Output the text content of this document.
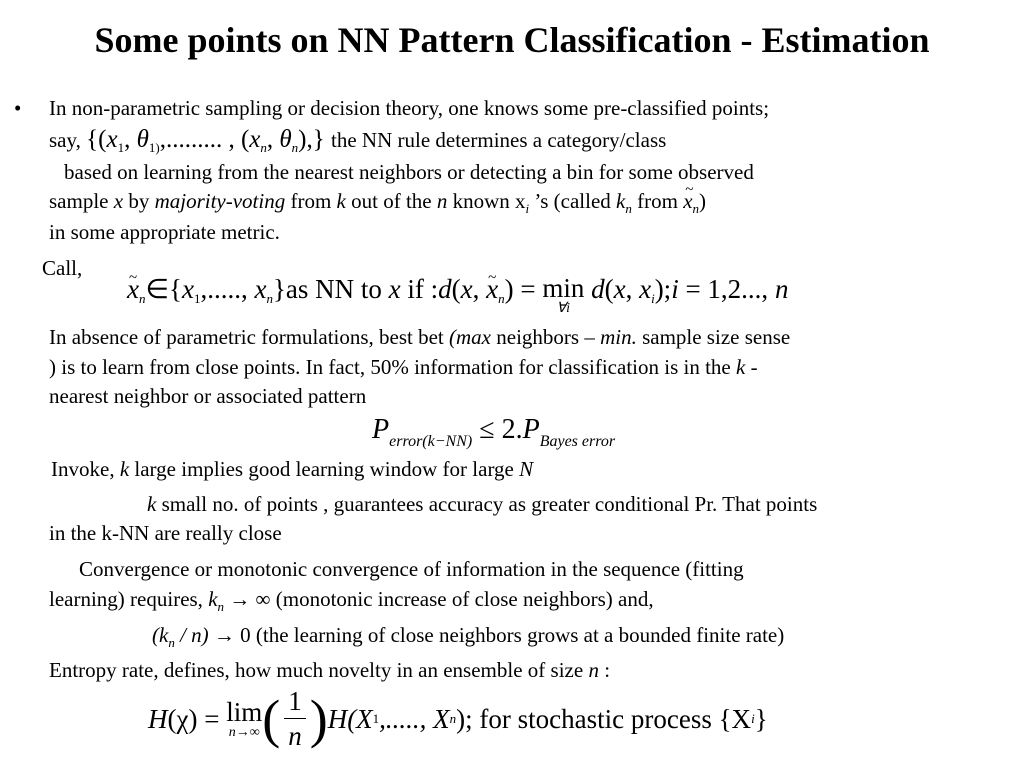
Some points on NN Pattern Classification - Estimation
• In non-parametric sampling or decision theory, one knows some pre-classified points;
say, {($x_1$, $\theta_{1)}$,......... , ($x_n$, $\theta_n$),} the NN rule determines a category/class
based on learning from the nearest neighbors or detecting a bin for some observed
sample x by majority-voting from k out of the n known $x_i$ ’s (called $k_n$ from x $\sim_n$)
in some appropriate metric.
Call,
x $\sim_n\in\{x_1$,....., $x_n\}as$ NN to x if :d(x, x $\sim_n) = \min$
∀i
d(x, $x_i);i = 1,2$..., n
In absence of parametric formulations, best bet (max neighbors – min. sample size sense
) is to learn from close points. In fact, 50% information for classification is in the k -
nearest neighbor or associated pattern
$P_{error(k-NN)} \le 2.P_{Bayes error}$
Invoke, k large implies good learning window for large N
k small no. of points , guarantees accuracy as greater conditional Pr. That points
in the k-NN are really close
Convergence or monotonic convergence of information in the sequence (fitting
learning) requires, $k_n$ → ∞ (monotonic increase of close neighbors) and,
$(k_n / n) \to 0$ (the learning of close neighbors grows at a bounded finite rate)
Entropy rate, defines, how much novelty in an ensemble of size n :
H (χ)
=
lim
n→∞ ( $\frac{1}{n}$ ) H (X 1 ,....., X n ); for stochastic process {X i }
